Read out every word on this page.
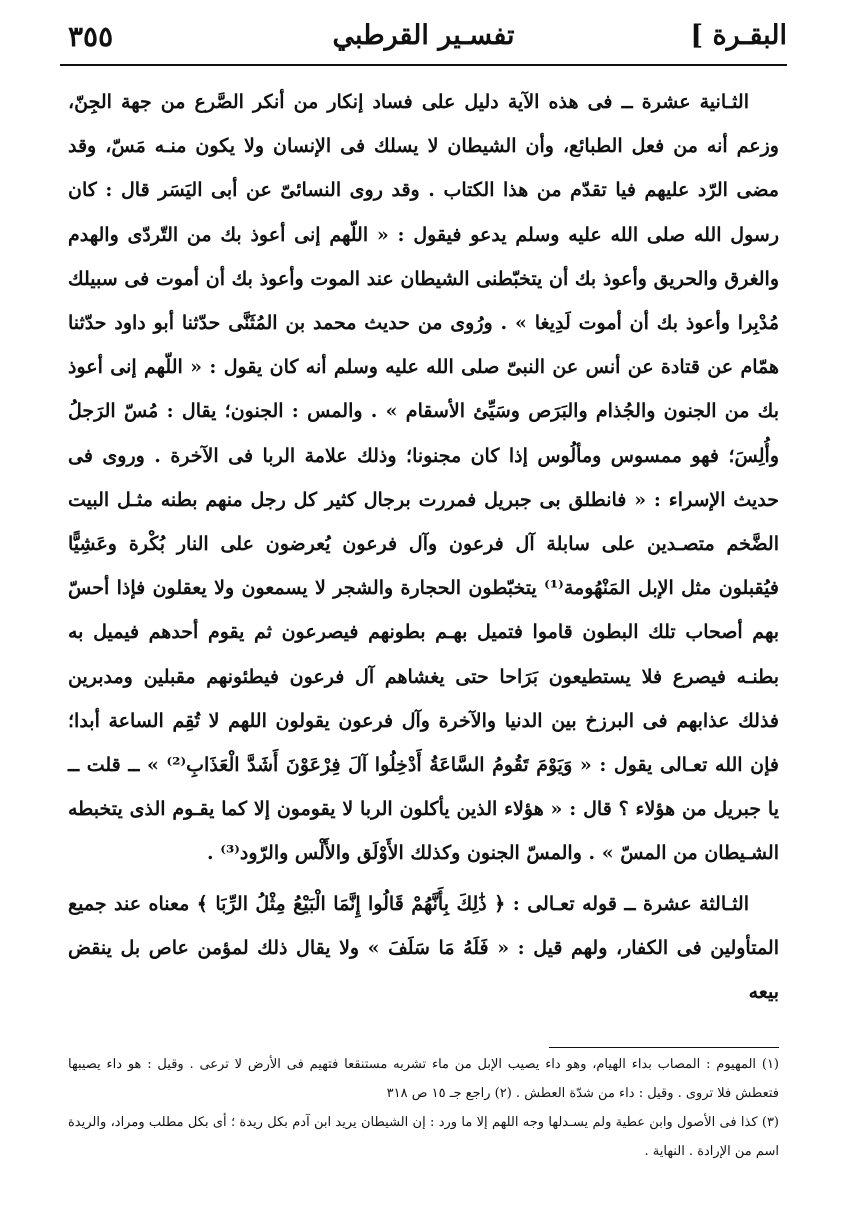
البقـرة ]
تفسـير القرطبي
٣٥٥

الثـانية عشرة ــ فى هذه الآية دليل على فساد إنكار من أنكر الصَّرع من جهة الجِنّ، وزعم أنه من فعل الطبائع، وأن الشيطان لا يسلك فى الإنسان ولا يكون منـه مَسّ، وقد مضى الرّد عليهم فيا تقدّم من هذا الكتاب . وقد روى النسائىّ عن أبى اليَسَر قال : كان رسول الله صلى الله عليه وسلم يدعو فيقول : « اللّهم إنى أعوذ بك من التّردّى والهدم والغرق والحريق وأعوذ بك أن يتخبّطنى الشيطان عند الموت وأعوذ بك أن أموت فى سبيلك مُدْبِرا وأعوذ بك أن أموت لَدِيغا » . ورُوى من حديث محمد بن المُثَنَّى حدّثنا أبو داود حدّثنا همّام عن قتادة عن أنس عن النبىّ صلى الله عليه وسلم أنه كان يقول : « اللّهم إنى أعوذ بك من الجنون والجُذام والبَرَص وسَيِّئ الأسقام » . والمس : الجنون؛ يقال : مُسّ الرَجلُ وأُلِسَ؛ فهو ممسوس ومألُوس إذا كان مجنونا؛ وذلك علامة الربا فى الآخرة . وروى فى حديث الإسراء : « فانطلق بى جبريل فمررت برجال كثير كل رجل منهم بطنه مثـل البيت الضَّخم متصـدين على سابلة آل فرعون وآل فرعون يُعرضون على النار بُكْرة وعَشِيًّا فيُقبلون مثل الإبل المَنْهُومة⁽¹⁾ يتخبّطون الحجارة والشجر لا يسمعون ولا يعقلون فإذا أحسّ بهم أصحاب تلك البطون قاموا فتميل بهـم بطونهم فيصرعون ثم يقوم أحدهم فيميل به بطنـه فيصرع فلا يستطيعون بَرَاحا حتى يغشاهم آل فرعون فيطئونهم مقبلين ومدبرين فذلك عذابهم فى البرزخ بين الدنيا والآخرة وآل فرعون يقولون اللهم لا تُقِم الساعة أبدا؛ فإن الله تعـالى يقول : « وَيَوْمَ تَقُومُ السَّاعَةُ أَدْخِلُوا آلَ فِرْعَوْنَ أَشَدَّ الْعَذَابِ⁽²⁾ » ــ قلت ــ يا جبريل من هؤلاء ؟ قال : « هؤلاء الذين يأكلون الربا لا يقومون إلا كما يقـوم الذى يتخبطه الشـيطان من المسّ » . والمسّ الجنون وكذلك الأَوْلَق والأَلْس والرّود⁽³⁾ .

الثـالثة عشرة ــ قوله تعـالى : ﴿ ذَٰلِكَ بِأَنَّهُمْ قَالُوا إِنَّمَا الْبَيْعُ مِثْلُ الرِّبَا ﴾ معناه عند جميع المتأولين فى الكفار، ولهم قيل : « فَلَهُ مَا سَلَفَ » ولا يقال ذلك لمؤمن عاص بل ينقض بيعه

(١) المهيوم : المصاب بداء الهيام، وهو داء يصيب الإبل من ماء تشربه مستنقعا فتهيم فى الأرض لا ترعى . وقيل : هو داء يصيبها فتعطش فلا تروى . وقيل : داء من شدّة العطش . (٢) راجع جـ ١٥ ص ٣١٨

(٣) كذا فى الأصول وابن عطية ولم يسـدلها وجه اللهم إلا ما ورد : إن الشيطان يريد ابن آدم بكل ريدة ؛ أى بكل مطلب ومراد، والريدة اسم من الإرادة . النهاية .
